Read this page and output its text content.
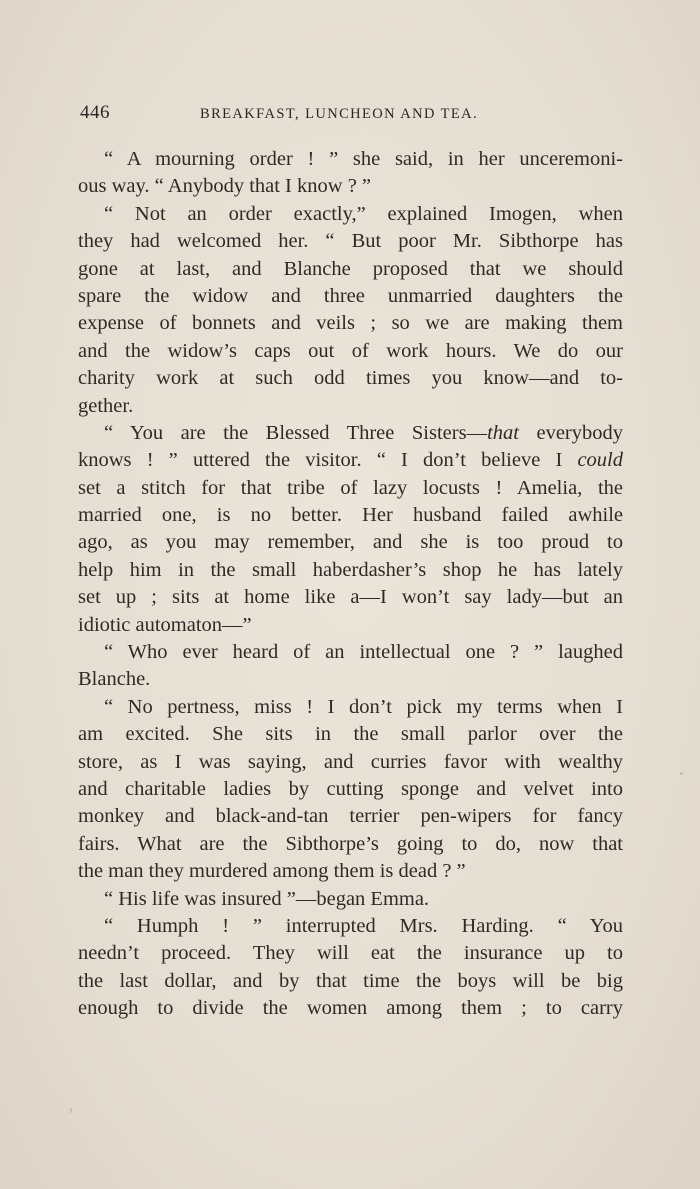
446	BREAKFAST, LUNCHEON AND TEA.
“ A mourning order ! ” she said, in her unceremoni-
ous way. “ Anybody that I know ? ”
“ Not an order exactly,” explained Imogen, when
they had welcomed her. “ But poor Mr. Sibthorpe has
gone at last, and Blanche proposed that we should
spare the widow and three unmarried daughters the
expense of bonnets and veils ; so we are making them
and the widow’s caps out of work hours. We do our
charity work at such odd times you know—and to-
gether.
“ You are the Blessed Three Sisters—that everybody
knows ! ” uttered the visitor. “ I don’t believe I could
set a stitch for that tribe of lazy locusts ! Amelia, the
married one, is no better. Her husband failed awhile
ago, as you may remember, and she is too proud to
help him in the small haberdasher’s shop he has lately
set up ; sits at home like a—I won’t say lady—but an
idiotic automaton—”
“ Who ever heard of an intellectual one ? ” laughed
Blanche.
“ No pertness, miss ! I don’t pick my terms when I
am excited. She sits in the small parlor over the
store, as I was saying, and curries favor with wealthy
and charitable ladies by cutting sponge and velvet into
monkey and black-and-tan terrier pen-wipers for fancy
fairs. What are the Sibthorpe’s going to do, now that
the man they murdered among them is dead ? ”
“ His life was insured ”—began Emma.
“ Humph ! ” interrupted Mrs. Harding. “ You
needn’t proceed. They will eat the insurance up to
the last dollar, and by that time the boys will be big
enough to divide the women among them ; to carry
